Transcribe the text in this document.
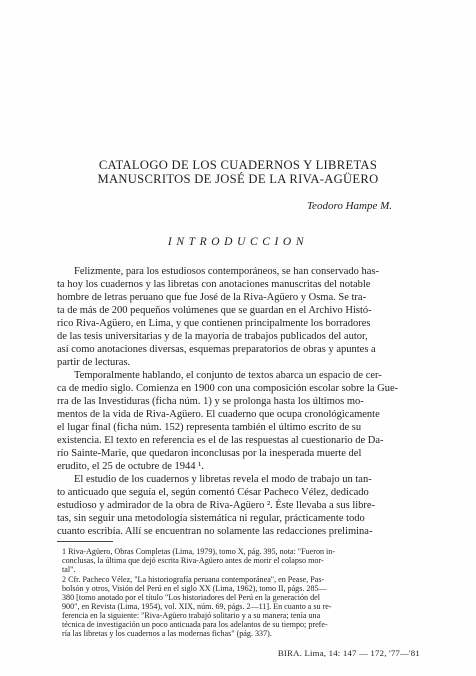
CATALOGO DE LOS CUADERNOS Y LIBRETAS
MANUSCRITOS DE JOSÉ DE LA RIVA-AGÜERO
Teodoro Hampe M.
INTRODUCCION
Felizmente, para los estudiosos contemporáneos, se han conservado has-
ta hoy los cuadernos y las libretas con anotaciones manuscritas del notable
hombre de letras peruano que fue José de la Riva-Agüero y Osma. Se tra-
ta de más de 200 pequeños volúmenes que se guardan en el Archivo Histó-
rico Riva-Agüero, en Lima, y que contienen principalmente los borradores
de las tesis universitarias y de la mayoría de trabajos publicados del autor,
así como anotaciones diversas, esquemas preparatorios de obras y apuntes a
partir de lecturas.
Temporalmente hablando, el conjunto de textos abarca un espacio de cer-
ca de medio siglo. Comienza en 1900 con una composición escolar sobre la Gue-
rra de las Investiduras (ficha núm. 1) y se prolonga hasta los últimos mo-
mentos de la vida de Riva-Agüero. El cuaderno que ocupa cronológicamente
el lugar final (ficha núm. 152) representa también el último escrito de su
existencia. El texto en referencia es el de las respuestas al cuestionario de Da-
río Sainte-Marie, que quedaron inconclusas por la inesperada muerte del
erudito, el 25 de octubre de 1944 ¹.
El estudio de los cuadernos y libretas revela el modo de trabajo un tan-
to anticuado que seguía el, según comentó César Pacheco Vélez, dedicado
estudioso y admirador de la obra de Riva-Agüero ². Éste llevaba a sus libre-
tas, sin seguir una metodología sistemática ni regular, prácticamente todo
cuanto escribía. Allí se encuentran no solamente las redacciones prelimina-
1 Riva-Agüero, Obras Completas (Lima, 1979), tomo X, pág. 395, nota: "Fueron in-
conclusas, la última que dejó escrita Riva-Agüero antes de morir el colapso mor-
tal".
2 Cfr. Pacheco Vélez, "La historiografía peruana contemporánea", en Pease, Pas-
bolsón y otros, Visión del Perú en el siglo XX (Lima, 1962), tomo II, págs. 285—
380 [tomo anotado por el título "Los historiadores del Perú en la generación del
900", en Revista (Lima, 1954), vol. XIX, núm. 69, págs. 2—11]. En cuanto a su re-
ferencia en la siguiente: "Riva-Agüero trabajó solitario y a su manera; tenía una
técnica de investigación un poco anticuada para los adelantos de su tiempo; prefe-
ría las libretas y los cuadernos a las modernas fichas" (pág. 337).
BIRA. Lima, 14: 147 — 172, '77—'81
